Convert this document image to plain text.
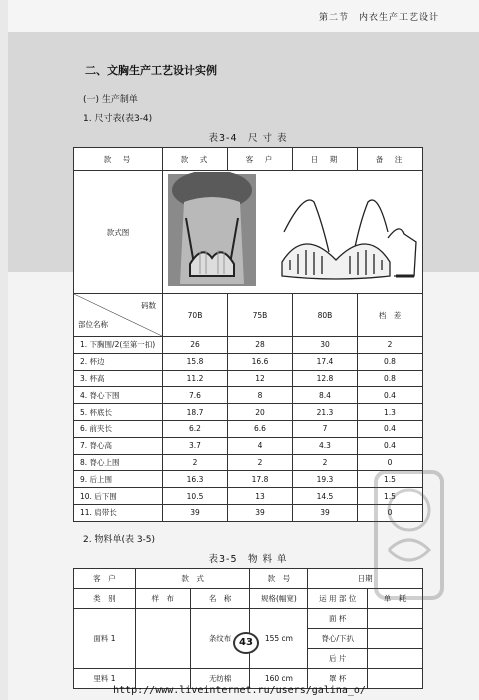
第二节　内衣生产工艺设计
二、文胸生产工艺设计实例
(一) 生产制单
1. 尺寸表(表3-4)
表3-4　尺 寸 表
款　号	款　式	客　户	日　期	备　注
款式图	

码数
部位名称	70B	75B	80B	档　差
1. 下胸围/2(至第一扣)	26	28	30	2
2. 杯边	15.8	16.6	17.4	0.8
3. 杯高	11.2	12	12.8	0.8
4. 脊心下围	7.6	8	8.4	0.4
5. 杯底长	18.7	20	21.3	1.3
6. 前夹长	6.2	6.6	7	0.4
7. 脊心高	3.7	4	4.3	0.4
8. 脊心上围	2	2	2	0
9. 后上围	16.3	17.8	19.3	1.5
10. 后下围	10.5	13	14.5	1.5
11. 肩带长	39	39	39	0
2. 物料单(表 3-5)
表3-5　物 料 单
客　户	款　式		款　号	日期	
类　别	样　布	名　称	规格(幅宽)	运 用 部 位	单　耗
面料 1		条纹布	155 cm	面 杯	
				脊心/下扒	
				后 片	
里料 1		无纺棉	160 cm	罩 杯	
43
http://www.liveinternet.ru/users/galina_o/
